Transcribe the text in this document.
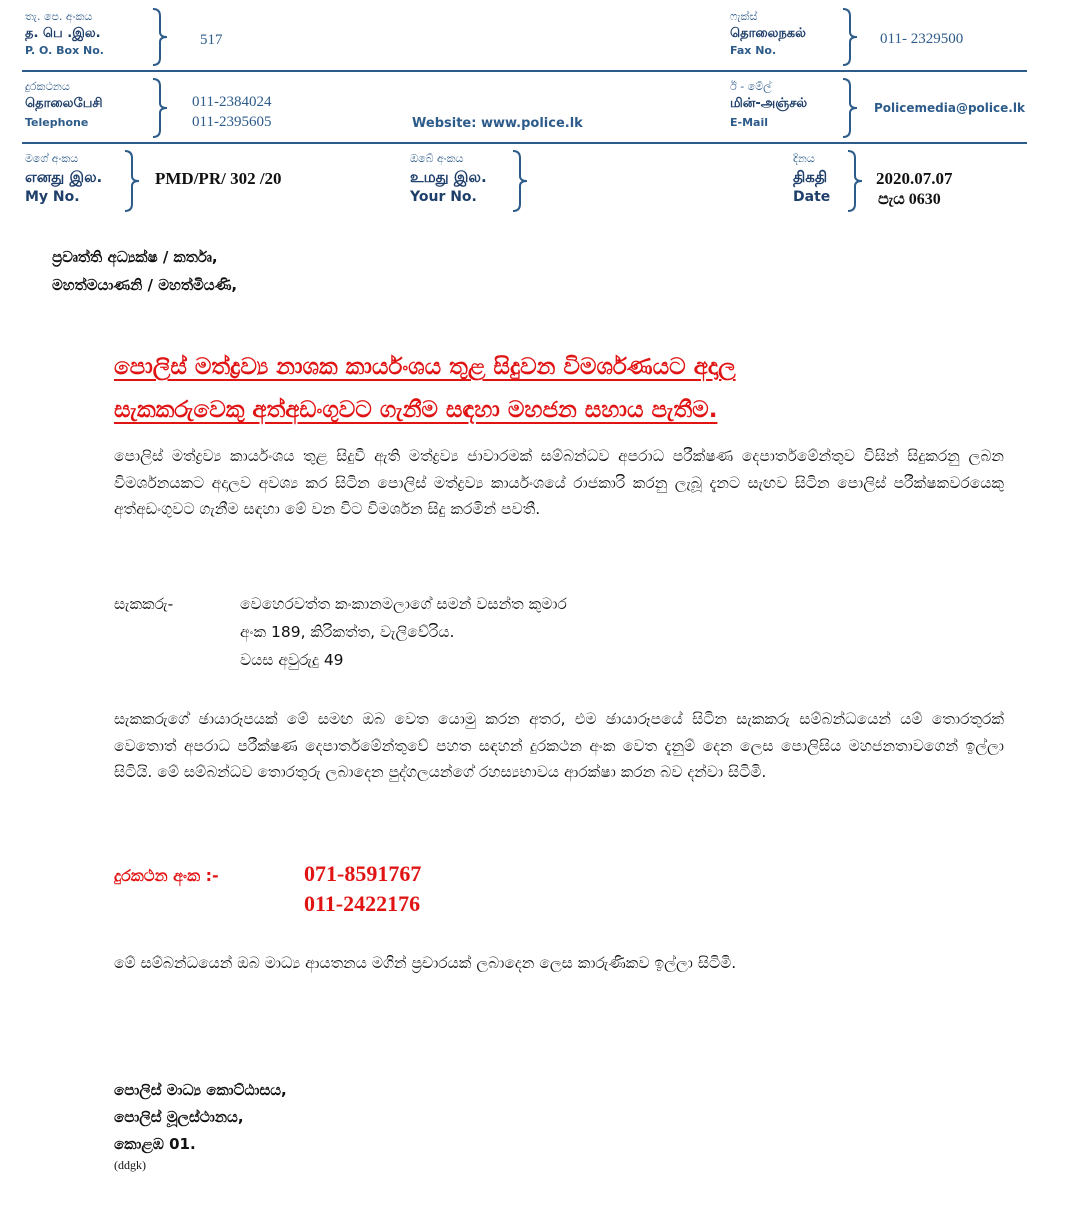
තැ. පෙ. අංකය
த. பெ .இல.
P. O. Box No.
517
ෆැක්ස්
தொலைநகல்
Fax No.
011- 2329500
දුරකථනය
தொலைபேசி
Telephone
011-2384024
011-2395605	Website: www.police.lk
ඊ - මේල්
மின்-அஞ்சல்
E-Mail
Policemedia@police.lk
මගේ අංකය
எனது இல.
My No.
PMD/PR/ 302 /20
ඔබේ අංකය
உமது இல.
Your No.
දිනය
திகதி
Date
2020.07.07
පැය 0630
ප්‍රවෘත්ති අධ්‍යක්ෂ / කර්තෘ,
මහත්මයාණනි / මහත්මියණි,
පොලිස් මත්ද්‍රව්‍ය නාශක කාර්යංශය තුළ සිදුවන විමර්ශණයට අදාල
සැකකරුවෙකු අත්අඩංගුවට ගැනීම සඳහා මහජන සහාය පැතීම.

පොලිස් මත්ද්‍රව්‍ය කාර්යංශය තුළ සිදුවී ඇති මත්ද්‍රව්‍ය ජාවාරමක් සම්බන්ධව අපරාධ පරීක්ෂණ දෙපාර්තමේන්තුව විසින් සිදුකරනු ලබන විමර්ශනයකට අදාලව අවශ්‍ය කර සිටින පොලිස් මත්ද්‍රව්‍ය කාර්යංශයේ රාජකාරි කරනු ලැබූ දැනට සැඟව සිටින පොලිස් පරීක්ෂකවරයෙකු අත්අඩංගුවට ගැනීම සඳහා මේ වන විට විමර්ශන සිදු කරමින් පවතී.

සැකකරු-	වෙහෙරවත්ත කංකානමලාගේ සමන් වසන්ත කුමාර
අංක 189, කිරිකත්ත, වැලිවේරිය.
වයස අවුරුදු 49

සැකකරුගේ ඡායාරූපයක් මේ සමඟ ඔබ වෙත යොමු කරන අතර, එම ඡායාරූපයේ සිටින සැකකරු සම්බන්ධයෙන් යම් තොරතුරක් වෙතොත් අපරාධ පරීක්ෂණ දෙපාර්තමේන්තුවේ පහත සඳහන් දුරකථන අංක වෙත දැනුම් දෙන ලෙස පොලිසිය මහජනතාවගෙන් ඉල්ලා සිටියි. මේ සම්බන්ධව තොරතුරු ලබාදෙන පුද්ගලයන්ගේ රහස්‍යභාවය ආරක්ෂා කරන බව දන්වා සිටිමි.

දුරකථන අංක :-	071-8591767
011-2422176

මේ සම්බන්ධයෙන් ඔබ මාධ්‍ය ආයතනය මගින් ප්‍රචාරයක් ලබාදෙන ලෙස කාරුණිකව ඉල්ලා සිටිමි.

පොලිස් මාධ්‍ය කොට්ඨාසය,
පොලිස් මූලස්ථානය,
කොළඹ 01.
(ddgk)
